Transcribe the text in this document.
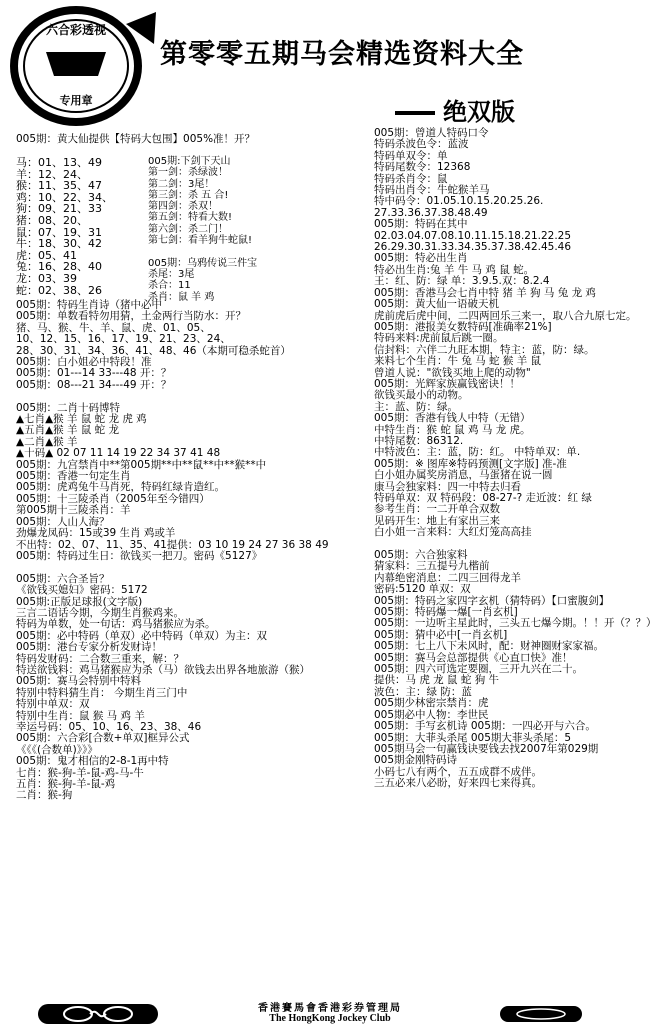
六合彩透视
专用章
第零零五期马会精选资料大全
绝双版
005期：黄大仙提供【特码大包围】005%准！开？
马：01、13、49
羊：12、24、
猴：11、35、47
鸡：10、22、34、
狗：09、21、33
猪：08、20、
鼠：07、19、31
牛：18、30、42
虎：05、41
兔：16、28、40
龙：03、39
蛇：02、38、26
005期:下剑下天山
第一剑：杀绿波！
第二剑：3尾！
第三剑：杀 五 合!
第四剑：杀双！
第五剑：特看大数!
第六剑：杀二门！
第七剑：看羊狗牛蛇鼠!
005期：乌鸦传说三件宝
杀尾：3尾
杀合：11
杀肖：鼠 羊 鸡
005期：特码生肖诗（猪中必中
005期：单数看特勿用猜，土金两行当防水：开？
猪、马、猴、牛、羊、鼠、虎、01、05、
10、12、15、16、17、19、21、23、24、
28、30、31、34、36、41、48、46（本期可稳杀蛇首）
005期：白小姐必中特段！准
005期：01---14 33---48 开：？
005期：08---21 34---49 开：？
005期：二肖十码博特
▲七肖▲猴 羊 鼠 蛇 龙 虎 鸡
▲五肖▲猴 羊 鼠 蛇 龙
▲二肖▲猴 羊
▲十码▲ 02 07 11 14 19 22 34 37 41 48
005期：九宫禁肖中**第005期**中**鼠**中**猴**中
005期：香港一句定生肖
005期：虎鸡兔牛马肖死，特码红绿肯造红。
005期：十三陵杀肖（2005年至今错四）
第005期十三陵杀肖：羊
005期：人山人海？
劲爆龙凤码：15或39 生肖 鸡或羊
不出特：02、07、11、35、41提供：03 10 19 24 27 36 38 49
005期：特码过生日：欲钱买一把刀。密码《5127》
005期：六合圣旨？
《欲钱买媳妇》密码：5172
005期:正版足球报(文字版)
三言二语话今期，今期生肖猴鸡来。
特码为单数，处一句话：鸡马猪猴应为杀。
005期：必中特码（单双）必中特码（单双）为主：双
005期：港台专家分析发财诗！
特码发财码：二合数三重来，解：？
特送欲钱料：鸡马猪猴应为杀（马）欲钱去出界各地旅游（猴）
005期：赛马会特别中特料
特别中特料猜生肖： 今期生肖三门中
特别中单双：双
特别中生肖：鼠 猴 马 鸡 羊
幸运号码：05、10、16、23、38、46
005期：六合彩[合数+单双]框异公式
《《《(合数单)》》》
005期：鬼才相信的2-8-1再中特
七肖：猴-狗-羊-鼠-鸡-马-牛
五肖：猴-狗-羊-鼠-鸡
二肖：猴-狗
005期：曾道人特码口令
特码杀波色令：蓝波
特码单双令：单
特码尾数令：12368
特码杀肖令：鼠
特码出肖令：牛蛇猴羊马
特中码令：01.05.10.15.20.25.26.
27.33.36.37.38.48.49
005期：特码在其中
02.03.04.07.08.10.11.15.18.21.22.25
26.29.30.31.33.34.35.37.38.42.45.46
005期：特必出生肖
特必出生肖:兔 羊 牛 马 鸡 鼠 蛇。
王：红、防：绿 单：3.9.5.双：8.2.4
005期：香港马会七肖中特 猪 羊 狗 马 兔 龙 鸡
005期：黄大仙一语破天机
虎前虎后虎中间，二四两回乐三来一，取八合九原七定。
005期：港报美女数特码[准确率21%]
特码来料:虎前鼠后跳一圈。
信封料：六伴二九旺本期，特主：蓝，防：绿。
来料七个生肖：牛 兔 马 蛇 猴 羊 鼠
曾道人说："欲钱买地上爬的动物"
005期：光辉家族赢钱密诀！！
欲钱买最小的动物。
主：蓝、防：绿。
005期：香港有钱人中特（无错）
中特生肖：猴 蛇 鼠 鸡 马 龙 虎。
中特尾数：86312.
中特波色：主：蓝，防：红。 中特单双：单.
005期：※ 图库※特码预测[文字版] 准-准
白小姐办属奖房消息，马蛋猪在说一圆
康马会独家料：四一中特去归看
特码单双：双 特码段：08-27-? 走近波：红 绿
参考生肖：一二开单合双数
见码开生：地上有家出三来
白小姐一言来料：大红灯笼高高挂
005期：六合独家料
猜家料：三五提号九楷前
内幕绝密消息：二四三回得龙羊
密码:5120 单双：双
005期：特码之家四字玄机（猜特码）【口蜜腹剑】
005期：特码爆一爆[一肖玄机]
005期：一边听主星此时，三头五七爆今期。！！开（？？）
005期：猜中必中[一肖玄机]
005期：七上八下未风时，配：财神圈财家家福。
005期：赛马会总部提供《心直口快》准！
005期：四六可选定要圈，三开九兴在二十。
提供：马 虎 龙 鼠 蛇 狗 牛
波色：主：绿 防：蓝
005期少林密宗禁肖：虎
005期必中人物：李世民
005期：手写玄机诗 005期：一四必开与六合。
005期：大菲头杀尾 005期大菲头杀尾：5
005期马会一句赢钱诀要钱去找2007年第029期
005期金刚特码诗
小码七八有两个，五五成群不成伴。
三五必来八必盼，好来四七来得真。
香港賽馬會香港彩券管理局
The HongKong Jockey Club
